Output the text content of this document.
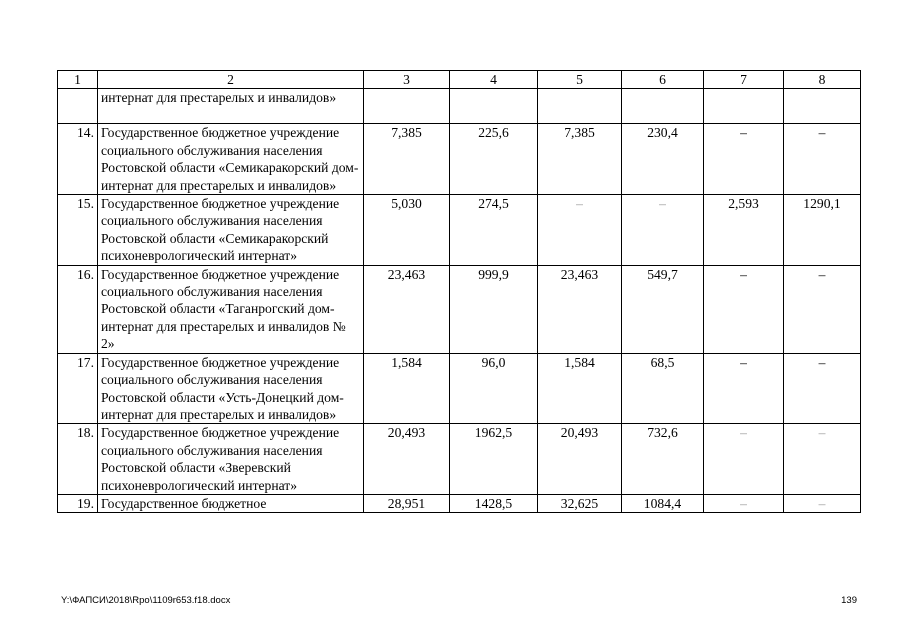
1	2	3	4	5	6	7	8
	интернат для престарелых и инвалидов»						
14.	Государственное бюджетное учреждение социального обслуживания населения Ростовской области «Семикаракорский дом-интернат для престарелых и инвалидов»	7,385	225,6	7,385	230,4	–	–
15.	Государственное бюджетное учреждение социального обслуживания населения Ростовской области «Семикаракорский психоневрологический интернат»	5,030	274,5	–	–	2,593	1290,1
16.	Государственное бюджетное учреждение социального обслуживания населения Ростовской области «Таганрогский дом-интернат для престарелых и инвалидов № 2»	23,463	999,9	23,463	549,7	–	–
17.	Государственное бюджетное учреждение социального обслуживания населения Ростовской области «Усть-Донецкий дом-интернат для престарелых и инвалидов»	1,584	96,0	1,584	68,5	–	–
18.	Государственное бюджетное учреждение социального обслуживания населения Ростовской области «Зверевский психоневрологический интернат»	20,493	1962,5	20,493	732,6	–	–
19.	Государственное бюджетное	28,951	1428,5	32,625	1084,4	–	–
Y:\ФАПСИ\2018\Rpo\1109r653.f18.docx	139
